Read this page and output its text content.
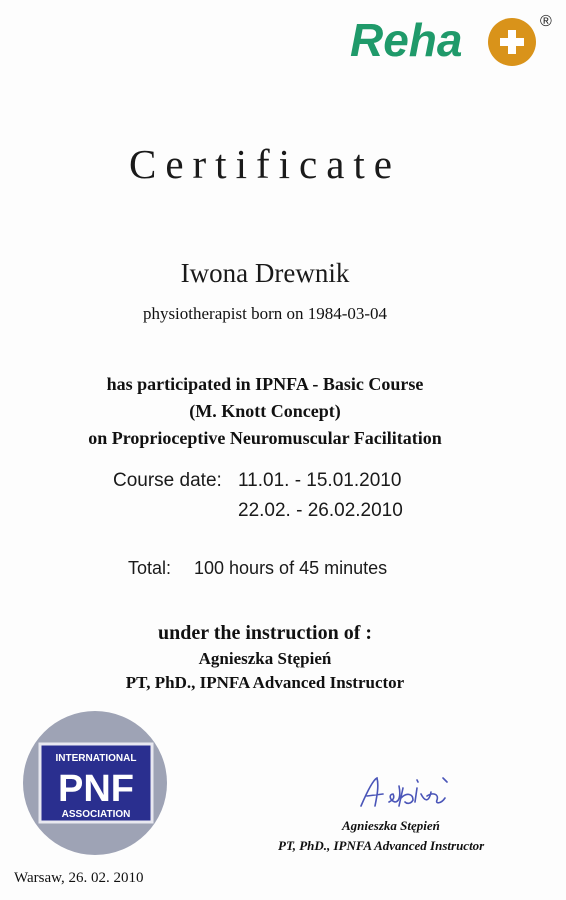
Reha	®
Certificate
Iwona Drewnik
physiotherapist born on 1984-03-04
has participated in IPNFA - Basic Course
(M. Knott Concept)
on Proprioceptive Neuromuscular Facilitation
Course date: 11.01. - 15.01.2010
22.02. - 26.02.2010
Total: 100 hours of 45 minutes
under the instruction of :
Agnieszka Stępień
PT, PhD., IPNFA Advanced Instructor
INTERNATIONAL
PNF
ASSOCIATION
Agnieszka Stępień
PT, PhD., IPNFA Advanced Instructor
Warsaw, 26. 02. 2010
